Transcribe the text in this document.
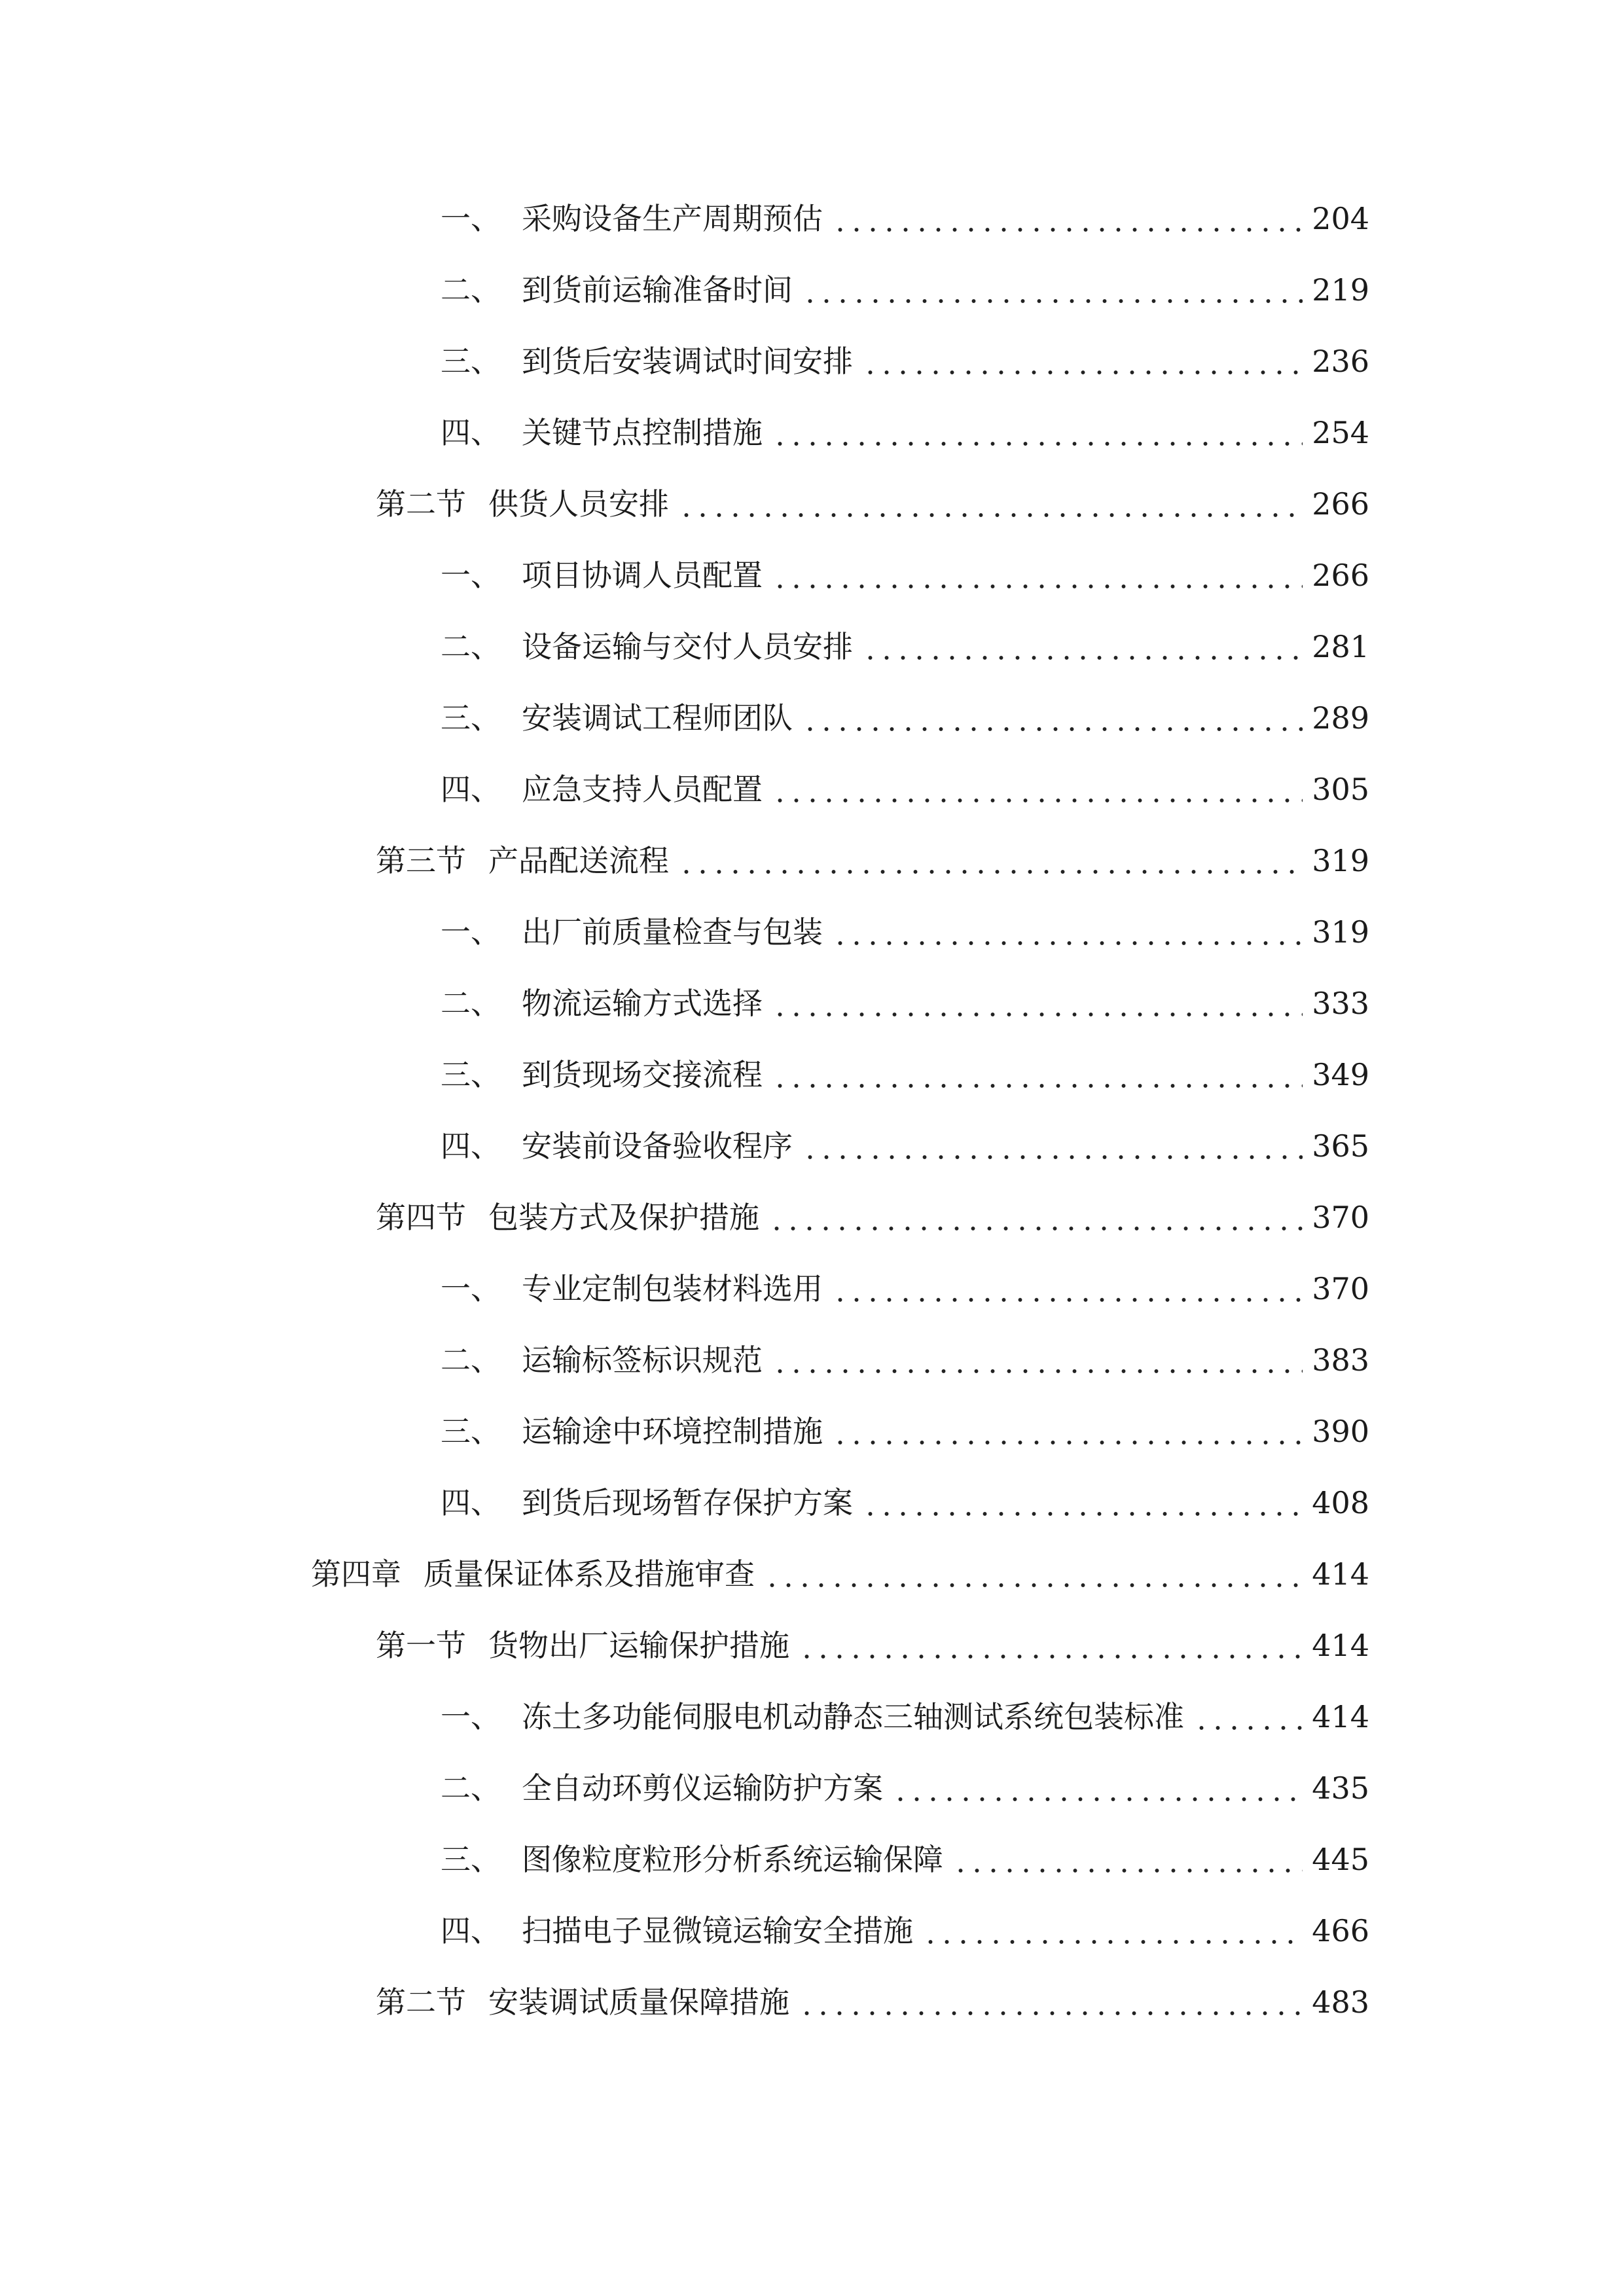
一、 采购设备生产周期预估	204
二、 到货前运输准备时间	219
三、 到货后安装调试时间安排	236
四、 关键节点控制措施	254
第二节 供货人员安排	266
一、 项目协调人员配置	266
二、 设备运输与交付人员安排	281
三、 安装调试工程师团队	289
四、 应急支持人员配置	305
第三节 产品配送流程	319
一、 出厂前质量检查与包装	319
二、 物流运输方式选择	333
三、 到货现场交接流程	349
四、 安装前设备验收程序	365
第四节 包装方式及保护措施	370
一、 专业定制包装材料选用	370
二、 运输标签标识规范	383
三、 运输途中环境控制措施	390
四、 到货后现场暂存保护方案	408
第四章 质量保证体系及措施审查	414
第一节 货物出厂运输保护措施	414
一、 冻土多功能伺服电机动静态三轴测试系统包装标准	414
二、 全自动环剪仪运输防护方案	435
三、 图像粒度粒形分析系统运输保障	445
四、 扫描电子显微镜运输安全措施	466
第二节 安装调试质量保障措施	483
